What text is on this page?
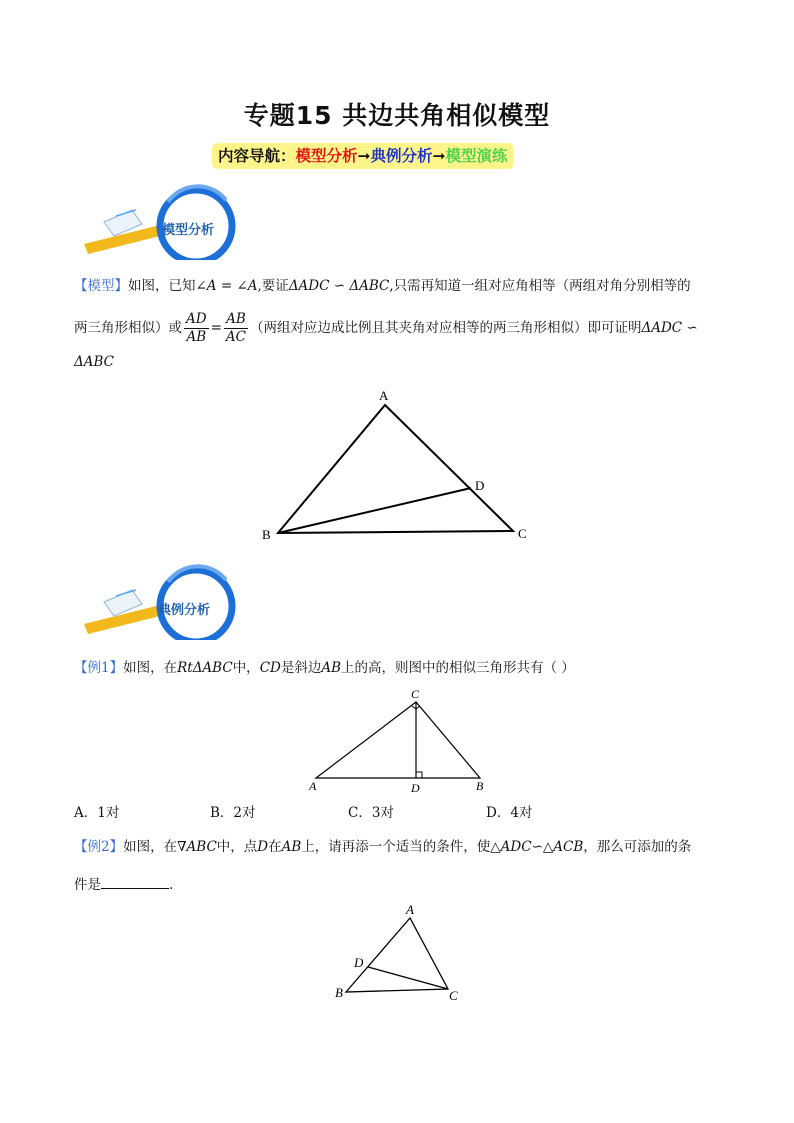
专题15 共边共角相似模型
内容导航：模型分析➞典例分析➞模型演练
模型分析
【模型】如图，已知∠A = ∠A,要证ΔADC ∽ ΔABC,只需再知道一组对应角相等（两组对角分别相等的
两三角形相似）或 $\frac{AD}{AB} = \frac{AB}{AC}$ （两组对应边成比例且其夹角对应相等的两三角形相似）即可证明ΔADC ∽
ΔABC
A
B	C
D
典例分析
【例1】如图，在RtΔABC中，CD是斜边AB上的高，则图中的相似三角形共有（ ）
C
A	D	B
A．1对	B．2对	C．3对	D．4对
【例2】如图，在∇ABC中，点D在AB上，请再添一个适当的条件，使△ADC∽△ACB，那么可添加的条
件是	.
A
D
B	C
